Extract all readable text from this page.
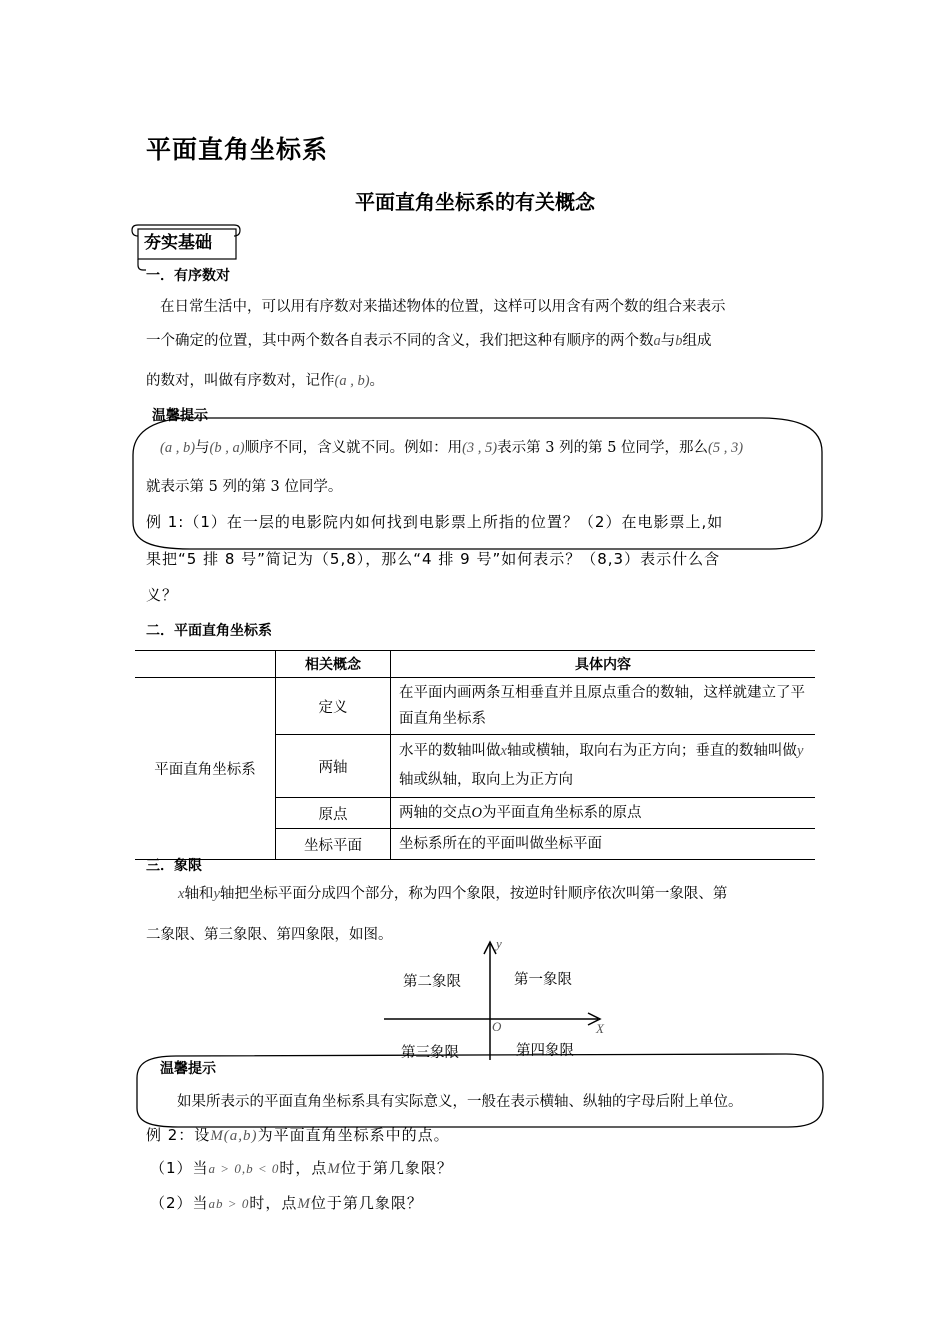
平面直角坐标系
平面直角坐标系的有关概念
夯实基础
一．有序数对
在日常生活中，可以用有序数对来描述物体的位置，这样可以用含有两个数的组合来表示
一个确定的位置，其中两个数各自表示不同的含义，我们把这种有顺序的两个数a与b组成
的数对，叫做有序数对，记作(a , b)。
温馨提示
(a , b)与(b , a)顺序不同，含义就不同。例如：用(3 , 5)表示第 3 列的第 5 位同学，那么(5 , 3)
就表示第 5 列的第 3 位同学。
例 1:（1）在一层的电影院内如何找到电影票上所指的位置？（2）在电影票上,如
果把“5 排 8 号”简记为（5,8），那么“4 排 9 号”如何表示？（8,3）表示什么含
义？
二．平面直角坐标系
	相关概念	具体内容
平面直角坐标系	定义	在平面内画两条互相垂直并且原点重合的数轴，这样就建立了平面直角坐标系
	两轴	水平的数轴叫做x轴或横轴，取向右为正方向；垂直的数轴叫做y轴或纵轴，取向上为正方向
	原点	两轴的交点O为平面直角坐标系的原点
	坐标平面	坐标系所在的平面叫做坐标平面
三．象限
x轴和y轴把坐标平面分成四个部分，称为四个象限，按逆时针顺序依次叫第一象限、第
二象限、第三象限、第四象限，如图。
y
X
O
第二象限	第一象限
第三象限	第四象限
温馨提示
如果所表示的平面直角坐标系具有实际意义，一般在表示横轴、纵轴的字母后附上单位。
例 2：设M(a,b)为平面直角坐标系中的点。
（1）当a > 0,b < 0时，点M位于第几象限？
（2）当ab > 0时，点M位于第几象限？
